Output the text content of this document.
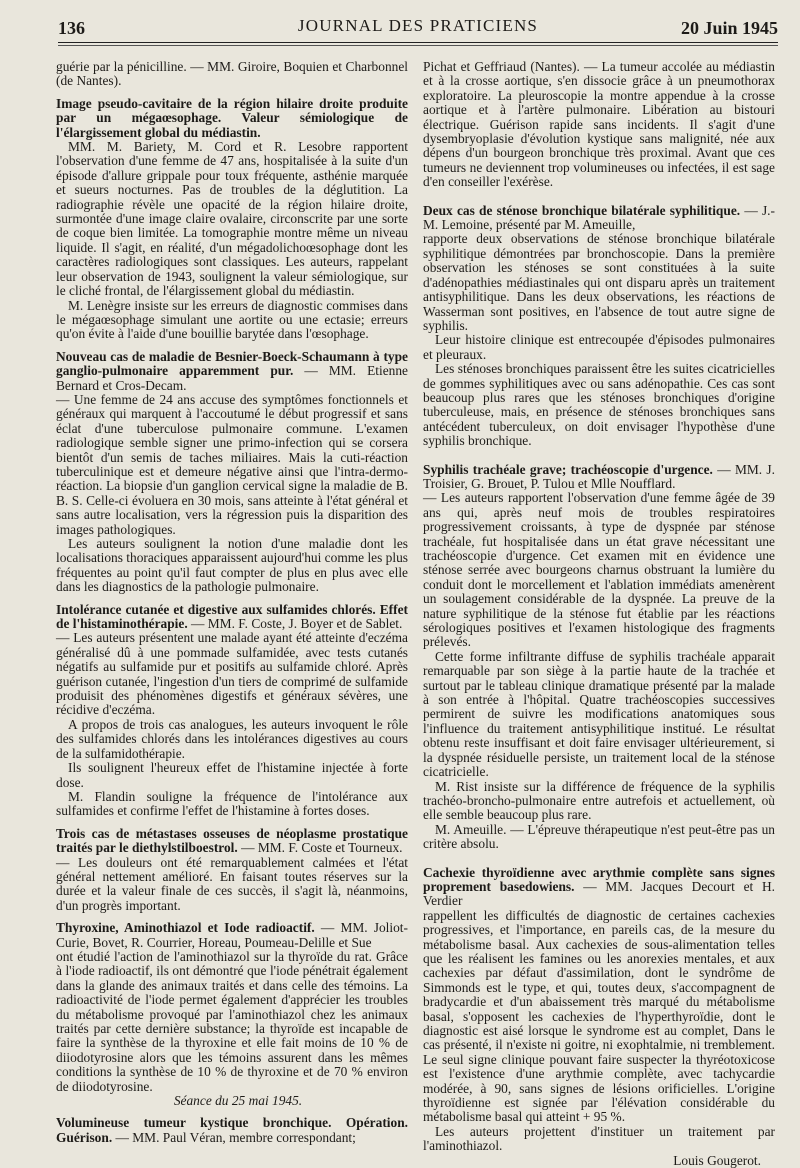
136	JOURNAL DES PRATICIENS	20 Juin 1945

guérie par la pénicilline. — MM. Giroire, Boquien et Charbonnel (de Nantes).

Image pseudo-cavitaire de la région hilaire droite produite par un mégaœsophage. Valeur sémiologique de l'élargissement global du médiastin.

MM. M. Bariety, M. Cord et R. Lesobre rapportent l'observation d'une femme de 47 ans, hospitalisée à la suite d'un épisode d'allure grippale pour toux fréquente, asthénie marquée et sueurs nocturnes. Pas de troubles de la déglutition. La radiographie révèle une opacité de la région hilaire droite, surmontée d'une image claire ovalaire, circonscrite par une sorte de coque bien limitée. La tomographie montre même un niveau liquide. Il s'agit, en réalité, d'un mégadolichoœsophage dont les caractères radiologiques sont classiques. Les auteurs, rappelant leur observation de 1943, soulignent la valeur sémiologique, sur le cliché frontal, de l'élargissement global du médiastin.

M. Lenègre insiste sur les erreurs de diagnostic commises dans le mégaœsophage simulant une aortite ou une ectasie; erreurs qu'on évite à l'aide d'une bouillie barytée dans l'œsophage.

Nouveau cas de maladie de Besnier-Boeck-Schaumann à type ganglio-pulmonaire apparemment pur. — MM. Etienne Bernard et Cros-Decam.

— Une femme de 24 ans accuse des symptômes fonctionnels et généraux qui marquent à l'accoutumé le début progressif et sans éclat d'une tuberculose pulmonaire commune. L'examen radiologique semble signer une primo-infection qui se corsera bientôt d'un semis de taches miliaires. Mais la cuti-réaction tuberculinique est et demeure négative ainsi que l'intra-dermo-réaction. La biopsie d'un ganglion cervical signe la maladie de B. B. S. Celle-ci évoluera en 30 mois, sans atteinte à l'état général et sans autre localisation, vers la régression puis la disparition des images pathologiques.

Les auteurs soulignent la notion d'une maladie dont les localisations thoraciques apparaissent aujourd'hui comme les plus fréquentes au point qu'il faut compter de plus en plus avec elle dans les diagnostics de la pathologie pulmonaire.

Intolérance cutanée et digestive aux sulfamides chlorés. Effet de l'histaminothérapie. — MM. F. Coste, J. Boyer et de Sablet.

— Les auteurs présentent une malade ayant été atteinte d'eczéma généralisé dû à une pommade sulfamidée, avec tests cutanés négatifs au sulfamide pur et positifs au sulfamide chloré. Après guérison cutanée, l'ingestion d'un tiers de comprimé de sulfamide produisit des phénomènes digestifs et généraux sévères, une récidive d'eczéma.

A propos de trois cas analogues, les auteurs invoquent le rôle des sulfamides chlorés dans les intolérances digestives au cours de la sulfamidothérapie.

Ils soulignent l'heureux effet de l'histamine injectée à forte dose.

M. Flandin souligne la fréquence de l'intolérance aux sulfamides et confirme l'effet de l'histamine à fortes doses.

Trois cas de métastases osseuses de néoplasme prostatique traités par le diethylstilboestrol. — MM. F. Coste et Tourneux.

— Les douleurs ont été remarquablement calmées et l'état général nettement amélioré. En faisant toutes réserves sur la durée et la valeur finale de ces succès, il s'agit là, néanmoins, d'un progrès important.

Thyroxine, Aminothiazol et Iode radioactif. — MM. Joliot-Curie, Bovet, R. Courrier, Horeau, Poumeau-Delille et Sue

ont étudié l'action de l'aminothiazol sur la thyroïde du rat. Grâce à l'iode radioactif, ils ont démontré que l'iode pénétrait également dans la glande des animaux traités et dans celle des témoins. La radioactivité de l'iode permet également d'apprécier les troubles du métabolisme provoqué par l'aminothiazol chez les animaux traités par cette dernière substance; la thyroïde est incapable de faire la synthèse de la thyroxine et elle fait moins de 10 % de diiodotyrosine alors que les témoins assurent dans les mêmes conditions la synthèse de 10 % de thyroxine et de 70 % environ de diiodotyrosine.

Séance du 25 mai 1945.

Volumineuse tumeur kystique bronchique. Opération. Guérison. — MM. Paul Véran, membre correspondant;

Pichat et Geffriaud (Nantes). — La tumeur accolée au médiastin et à la crosse aortique, s'en dissocie grâce à un pneumothorax exploratoire. La pleuroscopie la montre appendue à la crosse aortique et à l'artère pulmonaire. Libération au bistouri électrique. Guérison rapide sans incidents. Il s'agit d'une dysembryoplasie d'évolution kystique sans malignité, née aux dépens d'un bourgeon bronchique très proximal. Avant que ces tumeurs ne deviennent trop volumineuses ou infectées, il est sage d'en conseiller l'exérèse.

Deux cas de sténose bronchique bilatérale syphilitique. — J.-M. Lemoine, présenté par M. Ameuille,

rapporte deux observations de sténose bronchique bilatérale syphilitique démontrées par bronchoscopie. Dans la première observation les sténoses se sont constituées à la suite d'adénopathies médiastinales qui ont disparu après un traitement antisyphilitique. Dans les deux observations, les réactions de Wasserman sont positives, en l'absence de tout autre signe de syphilis.

Leur histoire clinique est entrecoupée d'épisodes pulmonaires et pleuraux.

Les sténoses bronchiques paraissent être les suites cicatricielles de gommes syphilitiques avec ou sans adénopathie. Ces cas sont beaucoup plus rares que les sténoses bronchiques d'origine tuberculeuse, mais, en présence de sténoses bronchiques sans antécédent tuberculeux, on doit envisager l'hypothèse d'une syphilis bronchique.

Syphilis trachéale grave; trachéoscopie d'urgence. — MM. J. Troisier, G. Brouet, P. Tulou et Mlle Noufflard.

— Les auteurs rapportent l'observation d'une femme âgée de 39 ans qui, après neuf mois de troubles respiratoires progressivement croissants, à type de dyspnée par sténose trachéale, fut hospitalisée dans un état grave nécessitant une trachéoscopie d'urgence. Cet examen mit en évidence une sténose serrée avec bourgeons charnus obstruant la lumière du conduit dont le morcellement et l'ablation immédiats amenèrent un soulagement considérable de la dyspnée. La preuve de la nature syphilitique de la sténose fut établie par les réactions sérologiques positives et l'examen histologique des fragments prélevés.

Cette forme infiltrante diffuse de syphilis trachéale apparait remarquable par son siège à la partie haute de la trachée et surtout par le tableau clinique dramatique présenté par la malade à son entrée à l'hôpital. Quatre trachéoscopies successives permirent de suivre les modifications anatomiques sous l'influence du traitement antisyphilitique institué. Le résultat obtenu reste insuffisant et doit faire envisager ultérieurement, si la dyspnée résiduelle persiste, un traitement local de la sténose cicatricielle.

M. Rist insiste sur la différence de fréquence de la syphilis trachéo-broncho-pulmonaire entre autrefois et actuellement, où elle semble beaucoup plus rare.

M. Ameuille. — L'épreuve thérapeutique n'est peut-être pas un critère absolu.

Cachexie thyroïdienne avec arythmie complète sans signes proprement basedowiens. — MM. Jacques Decourt et H. Verdier

rappellent les difficultés de diagnostic de certaines cachexies progressives, et l'importance, en pareils cas, de la mesure du métabolisme basal. Aux cachexies de sous-alimentation telles que les réalisent les famines ou les anorexies mentales, et aux cachexies par défaut d'assimilation, dont le syndrôme de Simmonds est le type, et qui, toutes deux, s'accompagnent de bradycardie et d'un abaissement très marqué du métabolisme basal, s'opposent les cachexies de l'hyperthyroïdie, dont le diagnostic est aisé lorsque le syndrome est au complet, Dans le cas présenté, il n'existe ni goitre, ni exophtalmie, ni tremblement. Le seul signe clinique pouvant faire suspecter la thyréotoxicose est l'existence d'une arythmie complète, avec tachycardie modérée, à 90, sans signes de lésions orificielles. L'origine thyroïdienne est signée par l'élévation considérable du métabolisme basal qui atteint + 95 %.

Les auteurs projettent d'instituer un traitement par l'aminothiazol.

Louis Gougerot.
